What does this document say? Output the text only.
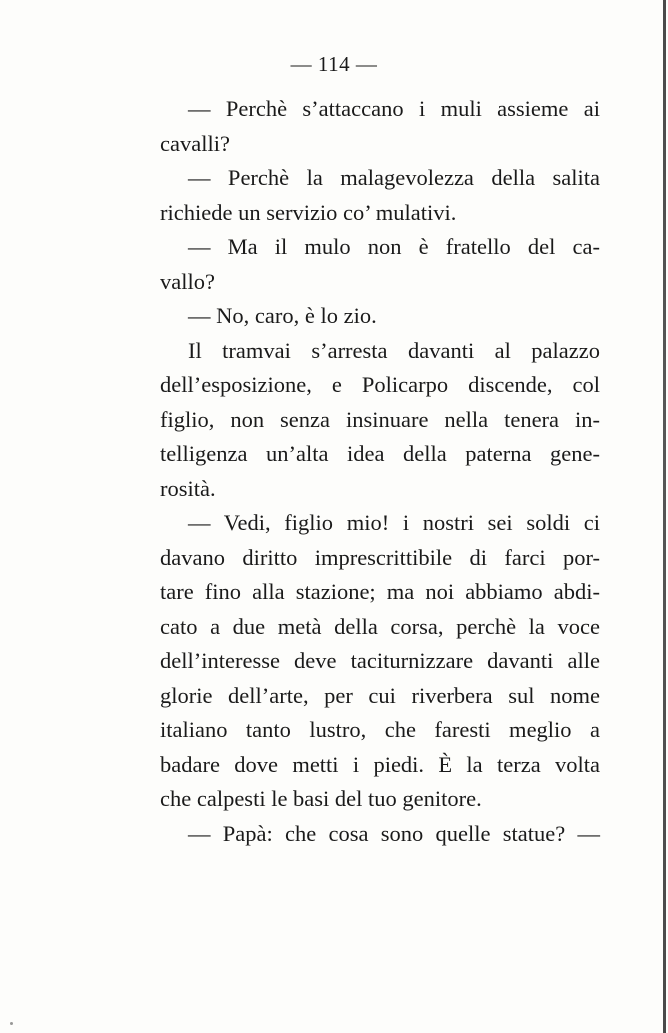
— 114 —
— Perchè s’attaccano i muli assieme ai
cavalli?
— Perchè la malagevolezza della salita
richiede un servizio co’ mulativi.
— Ma il mulo non è fratello del ca-
vallo?
— No, caro, è lo zio.
Il tramvai s’arresta davanti al palazzo
dell’esposizione, e Policarpo discende, col
figlio, non senza insinuare nella tenera in-
telligenza un’alta idea della paterna gene-
rosità.
— Vedi, figlio mio! i nostri sei soldi ci
davano diritto imprescrittibile di farci por-
tare fino alla stazione; ma noi abbiamo abdi-
cato a due metà della corsa, perchè la voce
dell’interesse deve taciturnizzare davanti alle
glorie dell’arte, per cui riverbera sul nome
italiano tanto lustro, che faresti meglio a
badare dove metti i piedi. È la terza volta
che calpesti le basi del tuo genitore.
— Papà: che cosa sono quelle statue? —
